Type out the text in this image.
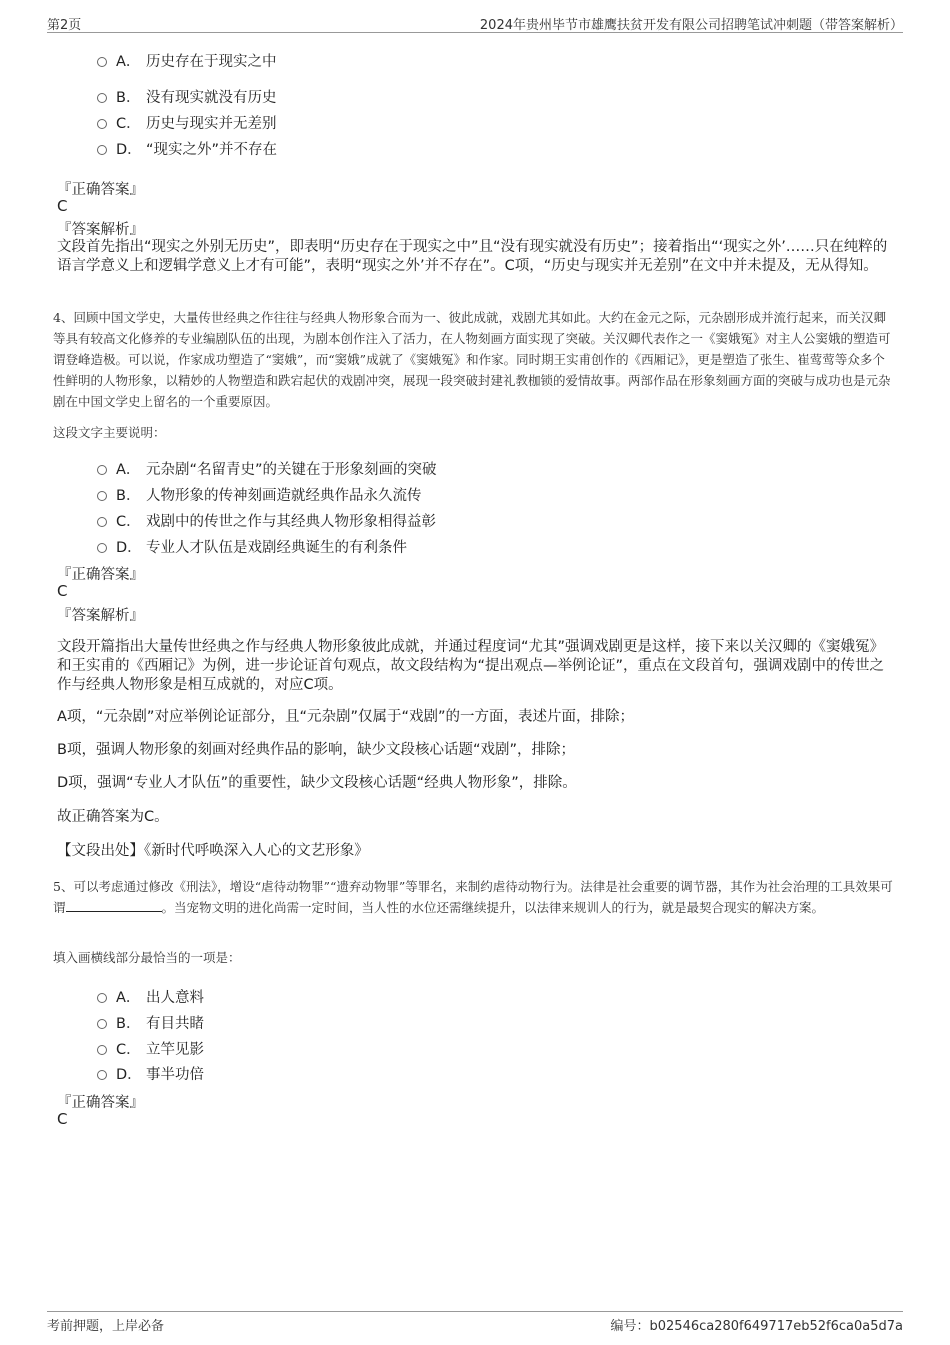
第2页	2024年贵州毕节市雄鹰扶贫开发有限公司招聘笔试冲刺题（带答案解析）
A． 历史存在于现实之中
B． 没有现实就没有历史
C． 历史与现实并无差别
D． “现实之外”并不存在
『正确答案』
C
『答案解析』

文段首先指出“现实之外别无历史”，即表明“历史存在于现实之中”且“没有现实就没有历史”；接着指出“‘现实之外’……只在纯粹的语言学意义上和逻辑学意义上才有可能”，表明“现实之外’并不存在”。C项，“历史与现实并无差别”在文中并未提及，无从得知。

4、回顾中国文学史，大量传世经典之作往往与经典人物形象合而为一、彼此成就，戏剧尤其如此。大约在金元之际，元杂剧形成并流行起来，而关汉卿等具有较高文化修养的专业编剧队伍的出现，为剧本创作注入了活力，在人物刻画方面实现了突破。关汉卿代表作之一《窦娥冤》对主人公窦娥的塑造可谓登峰造极。可以说，作家成功塑造了“窦娥”，而“窦娥”成就了《窦娥冤》和作家。同时期王实甫创作的《西厢记》，更是塑造了张生、崔莺莺等众多个性鲜明的人物形象，以精妙的人物塑造和跌宕起伏的戏剧冲突，展现一段突破封建礼教枷锁的爱情故事。两部作品在形象刻画方面的突破与成功也是元杂剧在中国文学史上留名的一个重要原因。

这段文字主要说明：

A． 元杂剧“名留青史”的关键在于形象刻画的突破
B． 人物形象的传神刻画造就经典作品永久流传
C． 戏剧中的传世之作与其经典人物形象相得益彰
D． 专业人才队伍是戏剧经典诞生的有利条件
『正确答案』
C
『答案解析』

文段开篇指出大量传世经典之作与经典人物形象彼此成就，并通过程度词“尤其”强调戏剧更是这样，接下来以关汉卿的《窦娥冤》和王实甫的《西厢记》为例，进一步论证首句观点，故文段结构为“提出观点—举例论证”，重点在文段首句，强调戏剧中的传世之作与经典人物形象是相互成就的，对应C项。

A项，“元杂剧”对应举例论证部分，且“元杂剧”仅属于“戏剧”的一方面，表述片面，排除；

B项，强调人物形象的刻画对经典作品的影响，缺少文段核心话题“戏剧”，排除；

D项，强调“专业人才队伍”的重要性，缺少文段核心话题“经典人物形象”，排除。

故正确答案为C。

【文段出处】《新时代呼唤深入人心的文艺形象》

5、可以考虑通过修改《刑法》，增设“虐待动物罪”“遗弃动物罪”等罪名，来制约虐待动物行为。法律是社会重要的调节器，其作为社会治理的工具效果可谓	。当宠物文明的进化尚需一定时间，当人性的水位还需继续提升，以法律来规训人的行为，就是最契合现实的解决方案。

填入画横线部分最恰当的一项是：

A． 出人意料
B． 有目共睹
C． 立竿见影
D． 事半功倍
『正确答案』
C
考前押题，上岸必备	编号：b02546ca280f649717eb52f6ca0a5d7a
